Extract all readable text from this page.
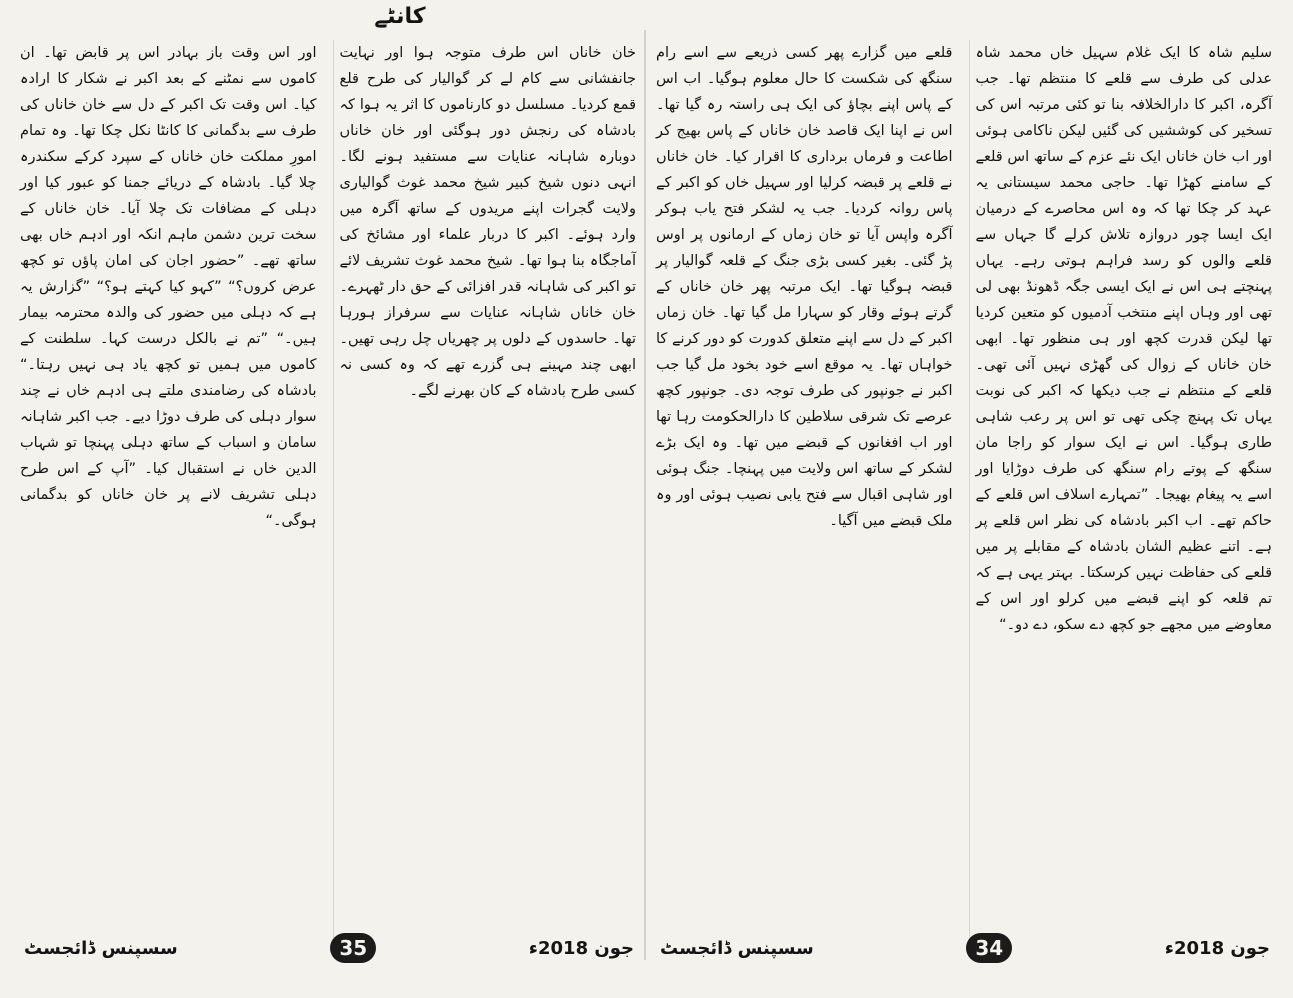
کانٹے

خان خاناں اس طرف متوجہ ہوا اور نہایت جانفشانی سے کام لے کر گوالیار کی طرح قلع قمع کردیا۔ مسلسل دو کارناموں کا اثر یہ ہوا کہ بادشاہ کی رنجش دور ہوگئی اور خان خاناں دوبارہ شاہانہ عنایات سے مستفید ہونے لگا۔ انہی دنوں شیخ کبیر شیخ محمد غوث گوالیاری ولایت گجرات اپنے مریدوں کے ساتھ آگرہ میں وارد ہوئے۔ اکبر کا دربار علماء اور مشائخ کی آماجگاہ بنا ہوا تھا۔ شیخ محمد غوث تشریف لائے تو اکبر کی شاہانہ قدر افزائی کے حق دار ٹھہرے۔ خان خاناں شاہانہ عنایات سے سرفراز ہورہا تھا۔ حاسدوں کے دلوں پر چھریاں چل رہی تھیں۔ ابھی چند مہینے ہی گزرے تھے کہ وہ کسی نہ کسی طرح بادشاہ کے کان بھرنے لگے۔

اور اس وقت باز بہادر اس پر قابض تھا۔ ان کاموں سے نمٹنے کے بعد اکبر نے شکار کا ارادہ کیا۔ اس وقت تک اکبر کے دل سے خان خاناں کی طرف سے بدگمانی کا کانٹا نکل چکا تھا۔ وہ تمام امورِ مملکت خان خاناں کے سپرد کرکے سکندرہ چلا گیا۔ بادشاہ کے دریائے جمنا کو عبور کیا اور دہلی کے مضافات تک چلا آیا۔ خان خاناں کے سخت ترین دشمن ماہم انکہ اور ادہم خاں بھی ساتھ تھے۔ ”حضور اجان کی امان پاؤں تو کچھ عرض کروں؟“ ”کہو کیا کہتے ہو؟“ ”گزارش یہ ہے کہ دہلی میں حضور کی والدہ محترمہ بیمار ہیں۔“ ”تم نے بالکل درست کہا۔ سلطنت کے کاموں میں ہمیں تو کچھ یاد ہی نہیں رہتا۔“ بادشاہ کی رضامندی ملتے ہی ادہم خاں نے چند سوار دہلی کی طرف دوڑا دیے۔ جب اکبر شاہانہ سامان و اسباب کے ساتھ دہلی پہنچا تو شہاب الدین خاں نے استقبال کیا۔ ”آپ کے اس طرح دہلی تشریف لانے پر خان خاناں کو بدگمانی ہوگی۔“

سلیم شاہ کا ایک غلام سہیل خاں محمد شاہ عدلی کی طرف سے قلعے کا منتظم تھا۔ جب آگرہ، اکبر کا دارالخلافہ بنا تو کئی مرتبہ اس کی تسخیر کی کوششیں کی گئیں لیکن ناکامی ہوئی اور اب خان خاناں ایک نئے عزم کے ساتھ اس قلعے کے سامنے کھڑا تھا۔ حاجی محمد سیستانی یہ عہد کر چکا تھا کہ وہ اس محاصرے کے درمیان ایک ایسا چور دروازہ تلاش کرلے گا جہاں سے قلعے والوں کو رسد فراہم ہوتی رہے۔ یہاں پہنچتے ہی اس نے ایک ایسی جگہ ڈھونڈ بھی لی تھی اور وہاں اپنے منتخب آدمیوں کو متعین کردیا تھا لیکن قدرت کچھ اور ہی منظور تھا۔ ابھی خان خاناں کے زوال کی گھڑی نہیں آئی تھی۔ قلعے کے منتظم نے جب دیکھا کہ اکبر کی نوبت یہاں تک پہنچ چکی تھی تو اس پر رعب شاہی طاری ہوگیا۔ اس نے ایک سوار کو راجا مان سنگھ کے پوتے رام سنگھ کی طرف دوڑایا اور اسے یہ پیغام بھیجا۔ ”تمہارے اسلاف اس قلعے کے حاکم تھے۔ اب اکبر بادشاہ کی نظر اس قلعے پر ہے۔ اتنے عظیم الشان بادشاہ کے مقابلے پر میں قلعے کی حفاظت نہیں کرسکتا۔ بہتر یہی ہے کہ تم قلعہ کو اپنے قبضے میں کرلو اور اس کے معاوضے میں مجھے جو کچھ دے سکو، دے دو۔“

قلعے میں گزارے پھر کسی ذریعے سے اسے رام سنگھ کی شکست کا حال معلوم ہوگیا۔ اب اس کے پاس اپنے بچاؤ کی ایک ہی راستہ رہ گیا تھا۔ اس نے اپنا ایک قاصد خان خاناں کے پاس بھیج کر اطاعت و فرماں برداری کا اقرار کیا۔ خان خاناں نے قلعے پر قبضہ کرلیا اور سہیل خاں کو اکبر کے پاس روانہ کردیا۔ جب یہ لشکر فتح یاب ہوکر آگرہ واپس آیا تو خان زماں کے ارمانوں پر اوس پڑ گئی۔ بغیر کسی بڑی جنگ کے قلعہ گوالیار پر قبضہ ہوگیا تھا۔ ایک مرتبہ پھر خان خاناں کے گرتے ہوئے وقار کو سہارا مل گیا تھا۔ خان زماں اکبر کے دل سے اپنے متعلق کدورت کو دور کرنے کا خواہاں تھا۔ یہ موقع اسے خود بخود مل گیا جب اکبر نے جونپور کی طرف توجہ دی۔ جونپور کچھ عرصے تک شرقی سلاطین کا دارالحکومت رہا تھا اور اب افغانوں کے قبضے میں تھا۔ وہ ایک بڑے لشکر کے ساتھ اس ولایت میں پہنچا۔ جنگ ہوئی اور شاہی اقبال سے فتح یابی نصیب ہوئی اور وہ ملک قبضے میں آگیا۔

جون 2018ء
35
سسپنس ڈائجسٹ	جون 2018ء
34
سسپنس ڈائجسٹ
